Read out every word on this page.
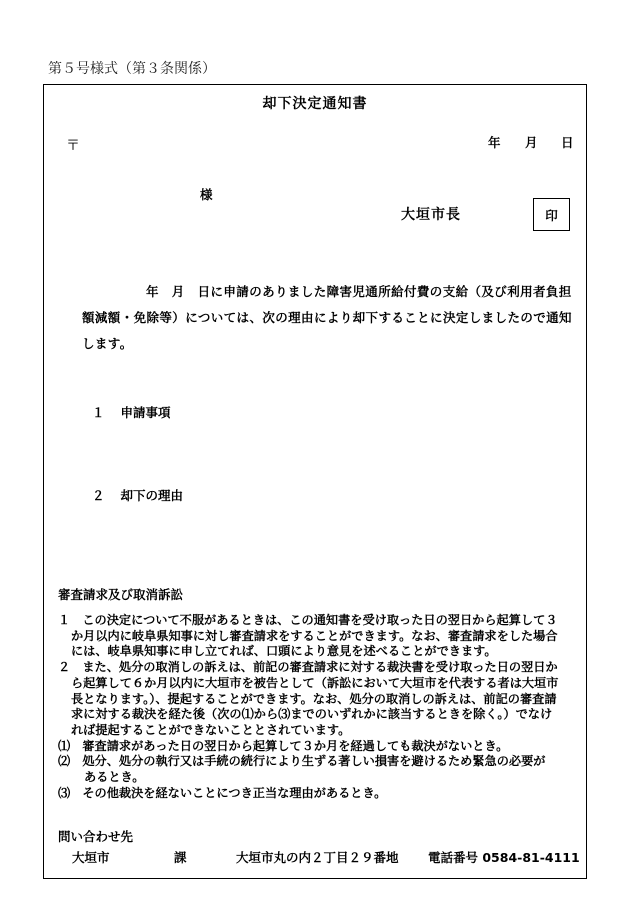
第５号様式（第３条関係）
却下決定通知書
〒	年 月 日
様
大垣市長	印
年　月　日に申請のありました障害児通所給付費の支給（及び利用者負担
額減額・免除等）については、次の理由により却下することに決定しましたので通知
します。
１ 申請事項
２ 却下の理由
審査請求及び取消訴訟
１　この決定について不服があるときは、この通知書を受け取った日の翌日から起算して３
か月以内に岐阜県知事に対し審査請求をすることができます。なお、審査請求をした場合
には、岐阜県知事に申し立てれば、口頭により意見を述べることができます。
２　また、処分の取消しの訴えは、前記の審査請求に対する裁決書を受け取った日の翌日か
ら起算して６か月以内に大垣市を被告として（訴訟において大垣市を代表する者は大垣市
長となります。）、提起することができます。なお、処分の取消しの訴えは、前記の審査請
求に対する裁決を経た後（次の⑴から⑶までのいずれかに該当するときを除く。）でなけ
れば提起することができないこととされています。
⑴　審査請求があった日の翌日から起算して３か月を経過しても裁決がないとき。
⑵　処分、処分の執行又は手続の続行により生ずる著しい損害を避けるため緊急の必要が
あるとき。
⑶　その他裁決を経ないことにつき正当な理由があるとき。
問い合わせ先
大垣市	課	大垣市丸の内２丁目２９番地 電話番号 0584-81-4111
